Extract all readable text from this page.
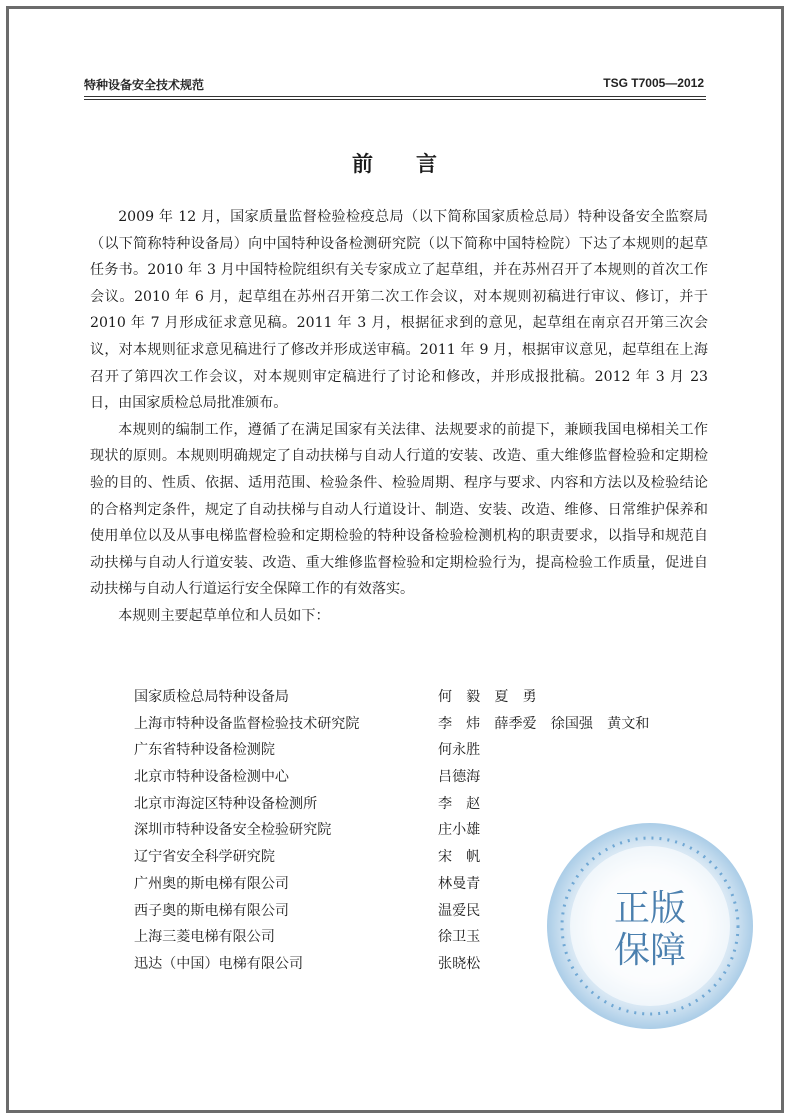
特种设备安全技术规范	TSG T7005—2012
前 言

2009 年 12 月，国家质量监督检验检疫总局（以下简称国家质检总局）特种设备安全监察局（以下简称特种设备局）向中国特种设备检测研究院（以下简称中国特检院）下达了本规则的起草任务书。2010 年 3 月中国特检院组织有关专家成立了起草组，并在苏州召开了本规则的首次工作会议。2010 年 6 月，起草组在苏州召开第二次工作会议，对本规则初稿进行审议、修订，并于 2010 年 7 月形成征求意见稿。2011 年 3 月，根据征求到的意见，起草组在南京召开第三次会议，对本规则征求意见稿进行了修改并形成送审稿。2011 年 9 月，根据审议意见，起草组在上海召开了第四次工作会议，对本规则审定稿进行了讨论和修改，并形成报批稿。2012 年 3 月 23 日，由国家质检总局批准颁布。

本规则的编制工作，遵循了在满足国家有关法律、法规要求的前提下，兼顾我国电梯相关工作现状的原则。本规则明确规定了自动扶梯与自动人行道的安装、改造、重大维修监督检验和定期检验的目的、性质、依据、适用范围、检验条件、检验周期、程序与要求、内容和方法以及检验结论的合格判定条件，规定了自动扶梯与自动人行道设计、制造、安装、改造、维修、日常维护保养和使用单位以及从事电梯监督检验和定期检验的特种设备检验检测机构的职责要求，以指导和规范自动扶梯与自动人行道安装、改造、重大维修监督检验和定期检验行为，提高检验工作质量，促进自动扶梯与自动人行道运行安全保障工作的有效落实。

本规则主要起草单位和人员如下：

国家质检总局特种设备局	何　毅　夏　勇
上海市特种设备监督检验技术研究院	李　炜　薛季爱　徐国强　黄文和
广东省特种设备检测院	何永胜
北京市特种设备检测中心	吕德海
北京市海淀区特种设备检测所	李　赵
深圳市特种设备安全检验研究院	庄小雄
辽宁省安全科学研究院	宋　帆
广州奥的斯电梯有限公司	林曼青
西子奥的斯电梯有限公司	温爱民
上海三菱电梯有限公司	徐卫玉
迅达（中国）电梯有限公司	张晓松
正版
保障
